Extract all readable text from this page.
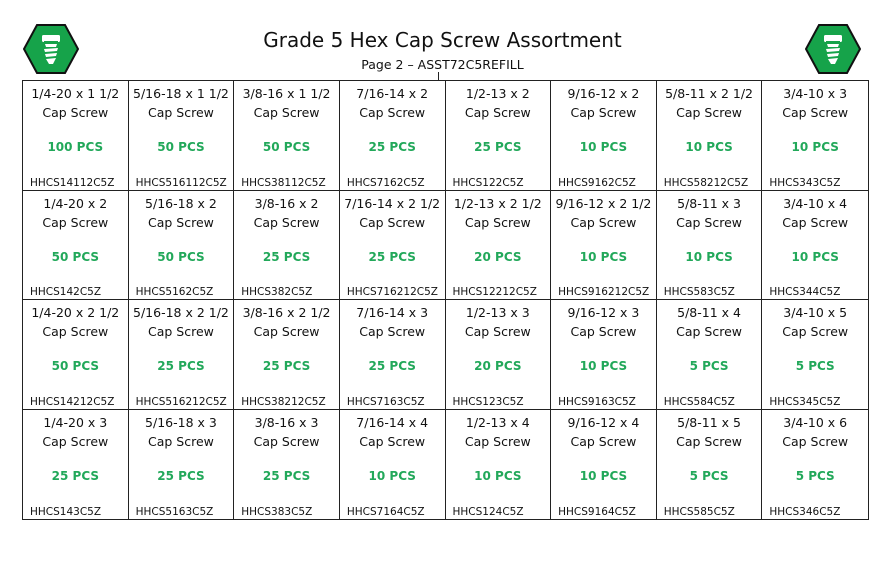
Grade 5 Hex Cap Screw Assortment
Page 2 – ASST72C5REFILL
1/4-20 x 1 1/2
Cap Screw
100 PCS
HHCS14112C5Z
5/16-18 x 1 1/2
Cap Screw
50 PCS
HHCS516112C5Z
3/8-16 x 1 1/2
Cap Screw
50 PCS
HHCS38112C5Z
7/16-14 x 2
Cap Screw
25 PCS
HHCS7162C5Z
1/2-13 x 2
Cap Screw
25 PCS
HHCS122C5Z
9/16-12 x 2
Cap Screw
10 PCS
HHCS9162C5Z
5/8-11 x 2 1/2
Cap Screw
10 PCS
HHCS58212C5Z
3/4-10 x 3
Cap Screw
10 PCS
HHCS343C5Z
1/4-20 x 2
Cap Screw
50 PCS
HHCS142C5Z
5/16-18 x 2
Cap Screw
50 PCS
HHCS5162C5Z
3/8-16 x 2
Cap Screw
25 PCS
HHCS382C5Z
7/16-14 x 2 1/2
Cap Screw
25 PCS
HHCS716212C5Z
1/2-13 x 2 1/2
Cap Screw
20 PCS
HHCS12212C5Z
9/16-12 x 2 1/2
Cap Screw
10 PCS
HHCS916212C5Z
5/8-11 x 3
Cap Screw
10 PCS
HHCS583C5Z
3/4-10 x 4
Cap Screw
10 PCS
HHCS344C5Z
1/4-20 x 2 1/2
Cap Screw
50 PCS
HHCS14212C5Z
5/16-18 x 2 1/2
Cap Screw
25 PCS
HHCS516212C5Z
3/8-16 x 2 1/2
Cap Screw
25 PCS
HHCS38212C5Z
7/16-14 x 3
Cap Screw
25 PCS
HHCS7163C5Z
1/2-13 x 3
Cap Screw
20 PCS
HHCS123C5Z
9/16-12 x 3
Cap Screw
10 PCS
HHCS9163C5Z
5/8-11 x 4
Cap Screw
5 PCS
HHCS584C5Z
3/4-10 x 5
Cap Screw
5 PCS
HHCS345C5Z
1/4-20 x 3
Cap Screw
25 PCS
HHCS143C5Z
5/16-18 x 3
Cap Screw
25 PCS
HHCS5163C5Z
3/8-16 x 3
Cap Screw
25 PCS
HHCS383C5Z
7/16-14 x 4
Cap Screw
10 PCS
HHCS7164C5Z
1/2-13 x 4
Cap Screw
10 PCS
HHCS124C5Z
9/16-12 x 4
Cap Screw
10 PCS
HHCS9164C5Z
5/8-11 x 5
Cap Screw
5 PCS
HHCS585C5Z
3/4-10 x 6
Cap Screw
5 PCS
HHCS346C5Z
